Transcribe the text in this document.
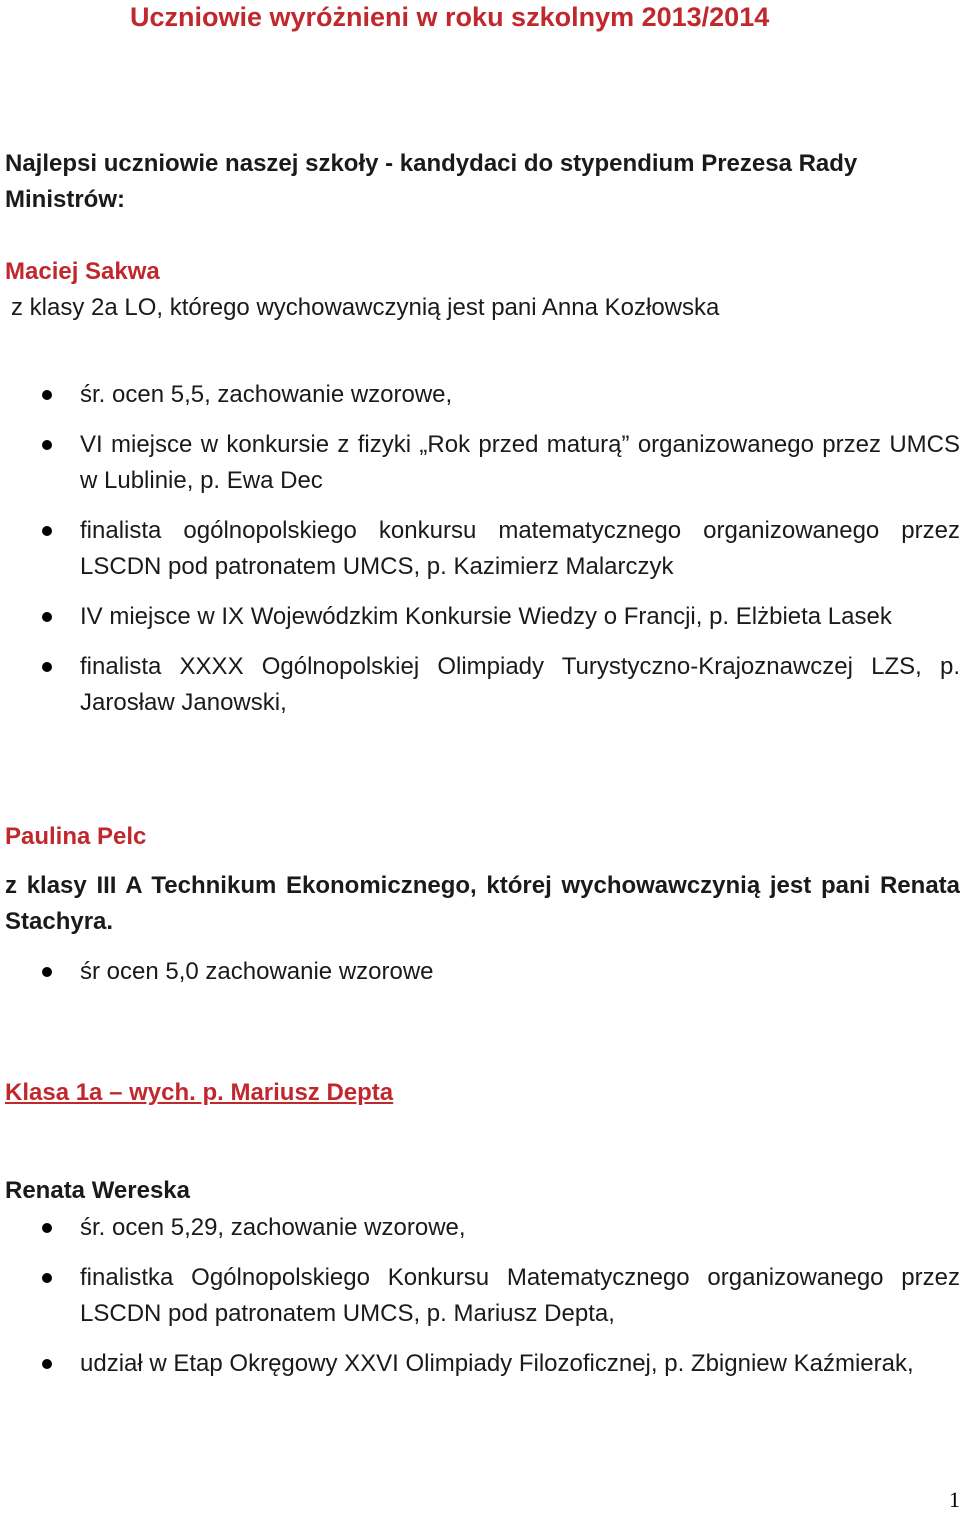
Uczniowie wyróżnieni w roku szkolnym 2013/2014
Najlepsi uczniowie naszej szkoły - kandydaci do stypendium Prezesa Rady Ministrów:
Maciej Sakwa
z klasy 2a LO, którego wychowawczynią jest pani Anna Kozłowska
śr. ocen 5,5, zachowanie wzorowe,
VI miejsce w konkursie z fizyki „Rok przed maturą” organizowanego przez UMCS w Lublinie, p. Ewa Dec
finalista ogólnopolskiego konkursu matematycznego organizowanego przez LSCDN pod patronatem UMCS, p. Kazimierz Malarczyk
IV miejsce w IX Wojewódzkim Konkursie Wiedzy o Francji, p. Elżbieta Lasek
finalista XXXX Ogólnopolskiej Olimpiady Turystyczno-Krajoznawczej LZS, p. Jarosław Janowski,
Paulina Pelc
z klasy III A Technikum Ekonomicznego, której wychowawczynią jest pani Renata Stachyra.
śr ocen 5,0 zachowanie wzorowe
Klasa 1a – wych. p. Mariusz Depta
Renata Wereska
śr. ocen 5,29, zachowanie wzorowe,
finalistka Ogólnopolskiego Konkursu Matematycznego organizowanego przez LSCDN pod patronatem UMCS, p. Mariusz Depta,
udział w Etap Okręgowy XXVI Olimpiady Filozoficznej, p. Zbigniew Kaźmierak,
1
